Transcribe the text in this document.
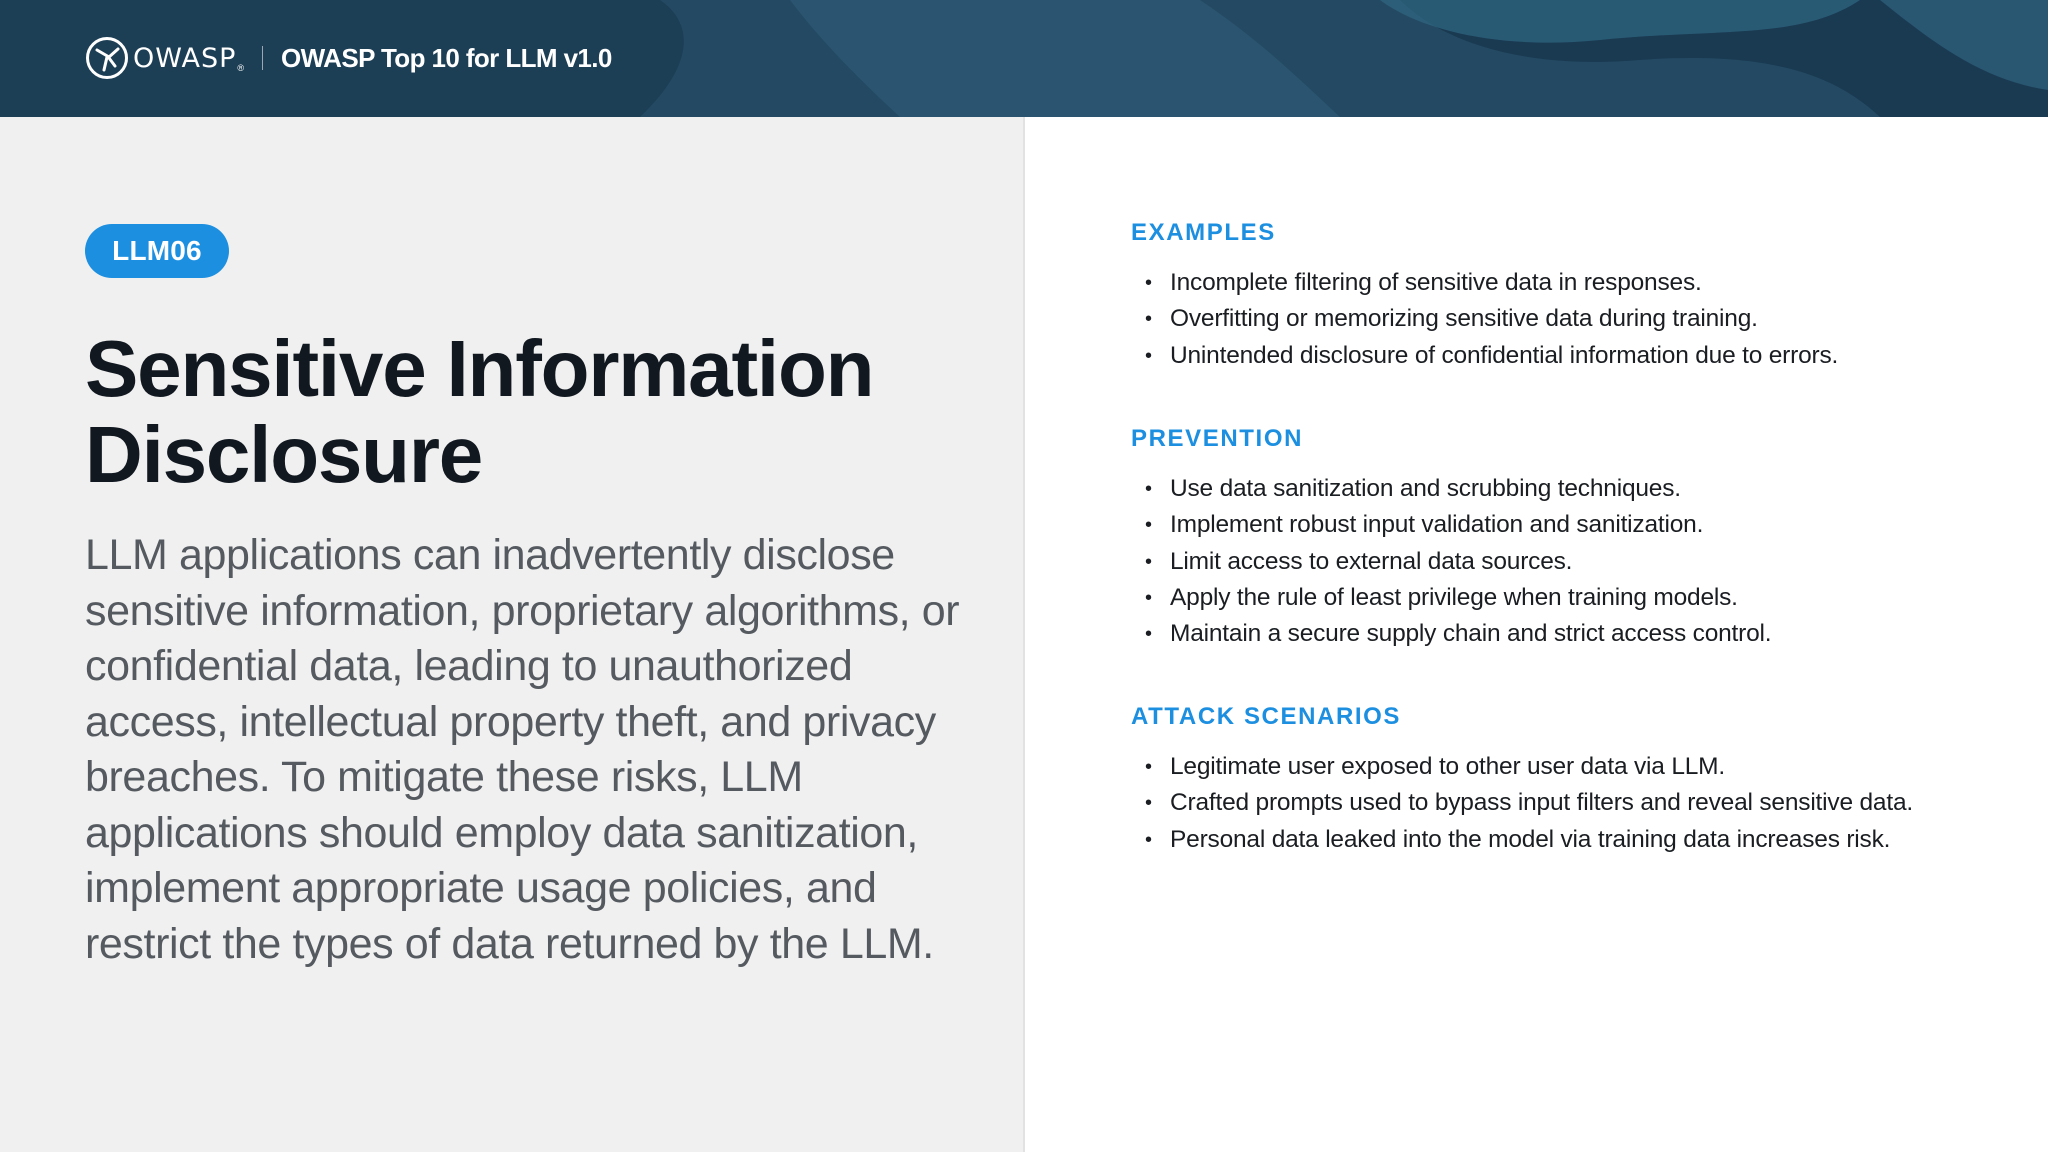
OWASP ® OWASP Top 10 for LLM v1.0
LLM06
Sensitive Information
Disclosure

LLM applications can inadvertently disclose sensitive information, proprietary algorithms, or confidential data, leading to unauthorized access, intellectual property theft, and privacy breaches. To mitigate these risks, LLM applications should employ data sanitization, implement appropriate usage policies, and restrict the types of data returned by the LLM.

EXAMPLES
• Incomplete filtering of sensitive data in responses.
• Overfitting or memorizing sensitive data during training.
• Unintended disclosure of confidential information due to errors.
PREVENTION
• Use data sanitization and scrubbing techniques.
• Implement robust input validation and sanitization.
• Limit access to external data sources.
• Apply the rule of least privilege when training models.
• Maintain a secure supply chain and strict access control.
ATTACK SCENARIOS
• Legitimate user exposed to other user data via LLM.
• Crafted prompts used to bypass input filters and reveal sensitive data.
• Personal data leaked into the model via training data increases risk.
